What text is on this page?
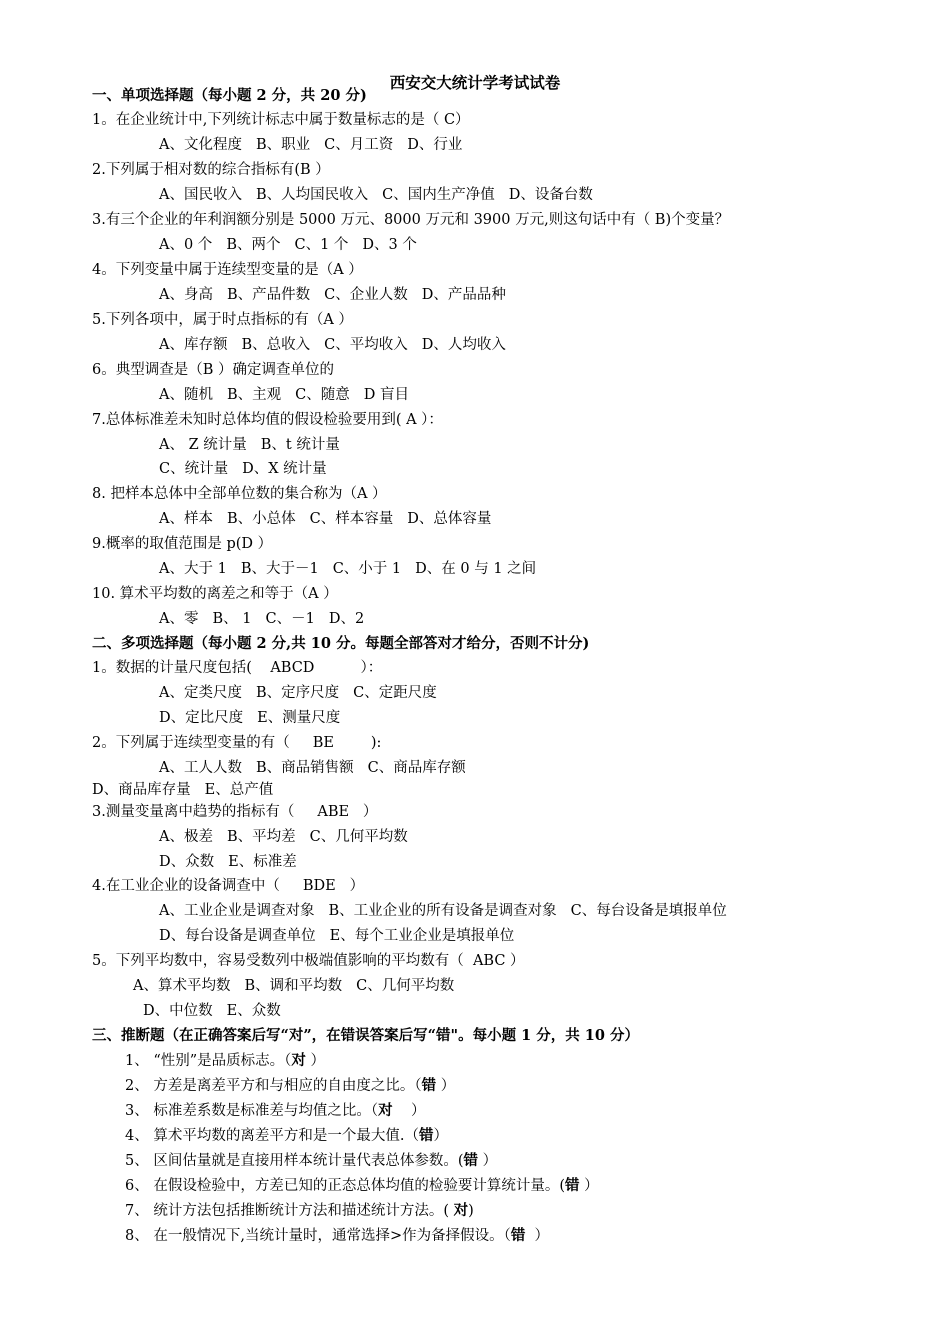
西安交大统计学考试试卷
一、单项选择题（每小题 2 分，共 20 分)
1。在企业统计中,下列统计标志中属于数量标志的是（ C）
A、文化程度 B、职业 C、月工资 D、行业
2.下列属于相对数的综合指标有(B ）
A、国民收入 B、人均国民收入 C、国内生产净值 D、设备台数
3.有三个企业的年利润额分别是 5000 万元、8000 万元和 3900 万元,则这句话中有（ B)个变量？
A、0 个 B、两个 C、1 个 D、3 个
4。下列变量中属于连续型变量的是（A ）
A、身高 B、产品件数 C、企业人数 D、产品品种
5.下列各项中，属于时点指标的有（A ）
A、库存额 B、总收入 C、平均收入 D、人均收入
6。典型调查是（B ）确定调查单位的
A、随机 B、主观 C、随意 D 盲目
7.总体标准差未知时总体均值的假设检验要用到( A ）：
A、 Z 统计量 B、t 统计量
C、统计量 D、X 统计量
8. 把样本总体中全部单位数的集合称为（A ）
A、样本 B、小总体 C、样本容量 D、总体容量
9.概率的取值范围是 p(D ）
A、大于 1 B、大于－1 C、小于 1 D、在 0 与 1 之间
10. 算术平均数的离差之和等于（A ）
A、零 B、 1 C、－1 D、2
二、多项选择题（每小题 2 分,共 10 分。每题全部答对才给分，否则不计分)
1。数据的计量尺度包括(    ABCD          ）：
A、定类尺度 B、定序尺度 C、定距尺度
D、定比尺度 E、测量尺度
2。下列属于连续型变量的有（     BE        ):
A、工人人数 B、商品销售额 C、商品库存额
D、商品库存量 E、总产值
3.测量变量离中趋势的指标有（     ABE   ）
A、极差 B、平均差 C、几何平均数
D、众数 E、标准差
4.在工业企业的设备调查中（     BDE   ）
A、工业企业是调查对象 B、工业企业的所有设备是调查对象 C、每台设备是填报单位
D、每台设备是调查单位 E、每个工业企业是填报单位
5。下列平均数中，容易受数列中极端值影响的平均数有（  ABC ）
A、算术平均数 B、调和平均数 C、几何平均数
D、中位数 E、众数
三、推断题（在正确答案后写“对”，在错误答案后写“错"。每小题 1 分，共 10 分）
1、 “性别”是品质标志。（对 ）
2、 方差是离差平方和与相应的自由度之比。（错 ）
3、 标准差系数是标准差与均值之比。（对    ）
4、 算术平均数的离差平方和是一个最大值.（错）
5、 区间估量就是直接用样本统计量代表总体参数。(错 ）
6、 在假设检验中，方差已知的正态总体均值的检验要计算统计量。(错 ）
7、 统计方法包括推断统计方法和描述统计方法。( 对)
8、 在一般情况下,当统计量时，通常选择>作为备择假设。（错  ）
